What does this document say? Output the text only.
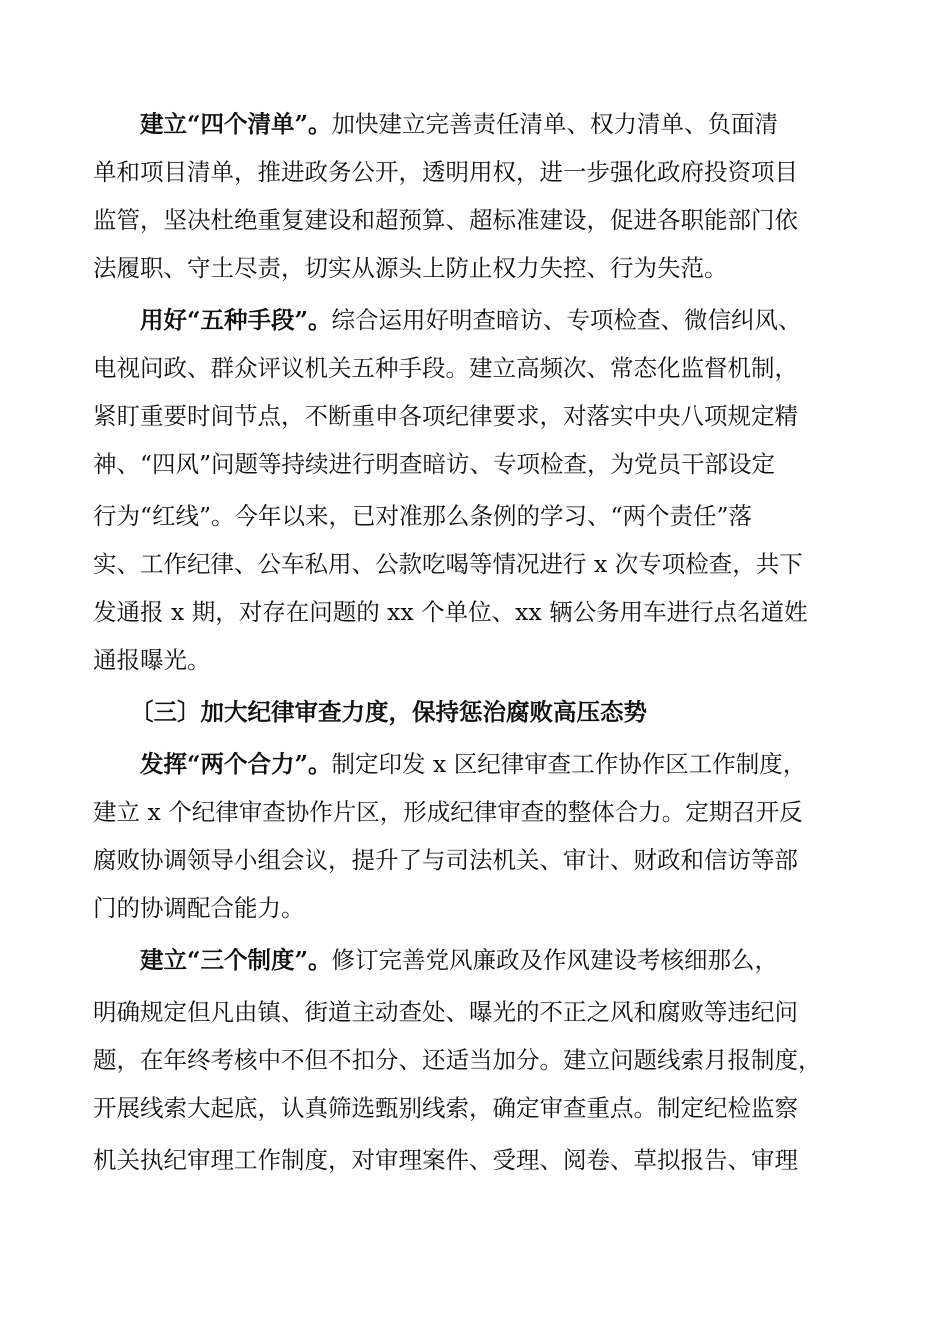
建立“四个清单”。加快建立完善责任清单、权力清单、负面清
单和项目清单，推进政务公开，透明用权，进一步强化政府投资项目
监管，坚决杜绝重复建设和超预算、超标准建设，促进各职能部门依
法履职、守土尽责，切实从源头上防止权力失控、行为失范。
用好“五种手段”。综合运用好明查暗访、专项检查、微信纠风、
电视问政、群众评议机关五种手段。建立高频次、常态化监督机制，
紧盯重要时间节点，不断重申各项纪律要求，对落实中央八项规定精
神、“四风”问题等持续进行明查暗访、专项检查，为党员干部设定
行为“红线”。今年以来，已对准那么条例的学习、“两个责任”落
实、工作纪律、公车私用、公款吃喝等情况进行 x 次专项检查，共下
发通报 x 期，对存在问题的 xx 个单位、xx 辆公务用车进行点名道姓
通报曝光。
〔三〕加大纪律审查力度，保持惩治腐败高压态势
发挥“两个合力”。制定印发 x 区纪律审查工作协作区工作制度，
建立 x 个纪律审查协作片区，形成纪律审查的整体合力。定期召开反
腐败协调领导小组会议，提升了与司法机关、审计、财政和信访等部
门的协调配合能力。
建立“三个制度”。修订完善党风廉政及作风建设考核细那么，
明确规定但凡由镇、街道主动查处、曝光的不正之风和腐败等违纪问
题，在年终考核中不但不扣分、还适当加分。建立问题线索月报制度，
开展线索大起底，认真筛选甄别线索，确定审查重点。制定纪检监察
机关执纪审理工作制度，对审理案件、受理、阅卷、草拟报告、审理
